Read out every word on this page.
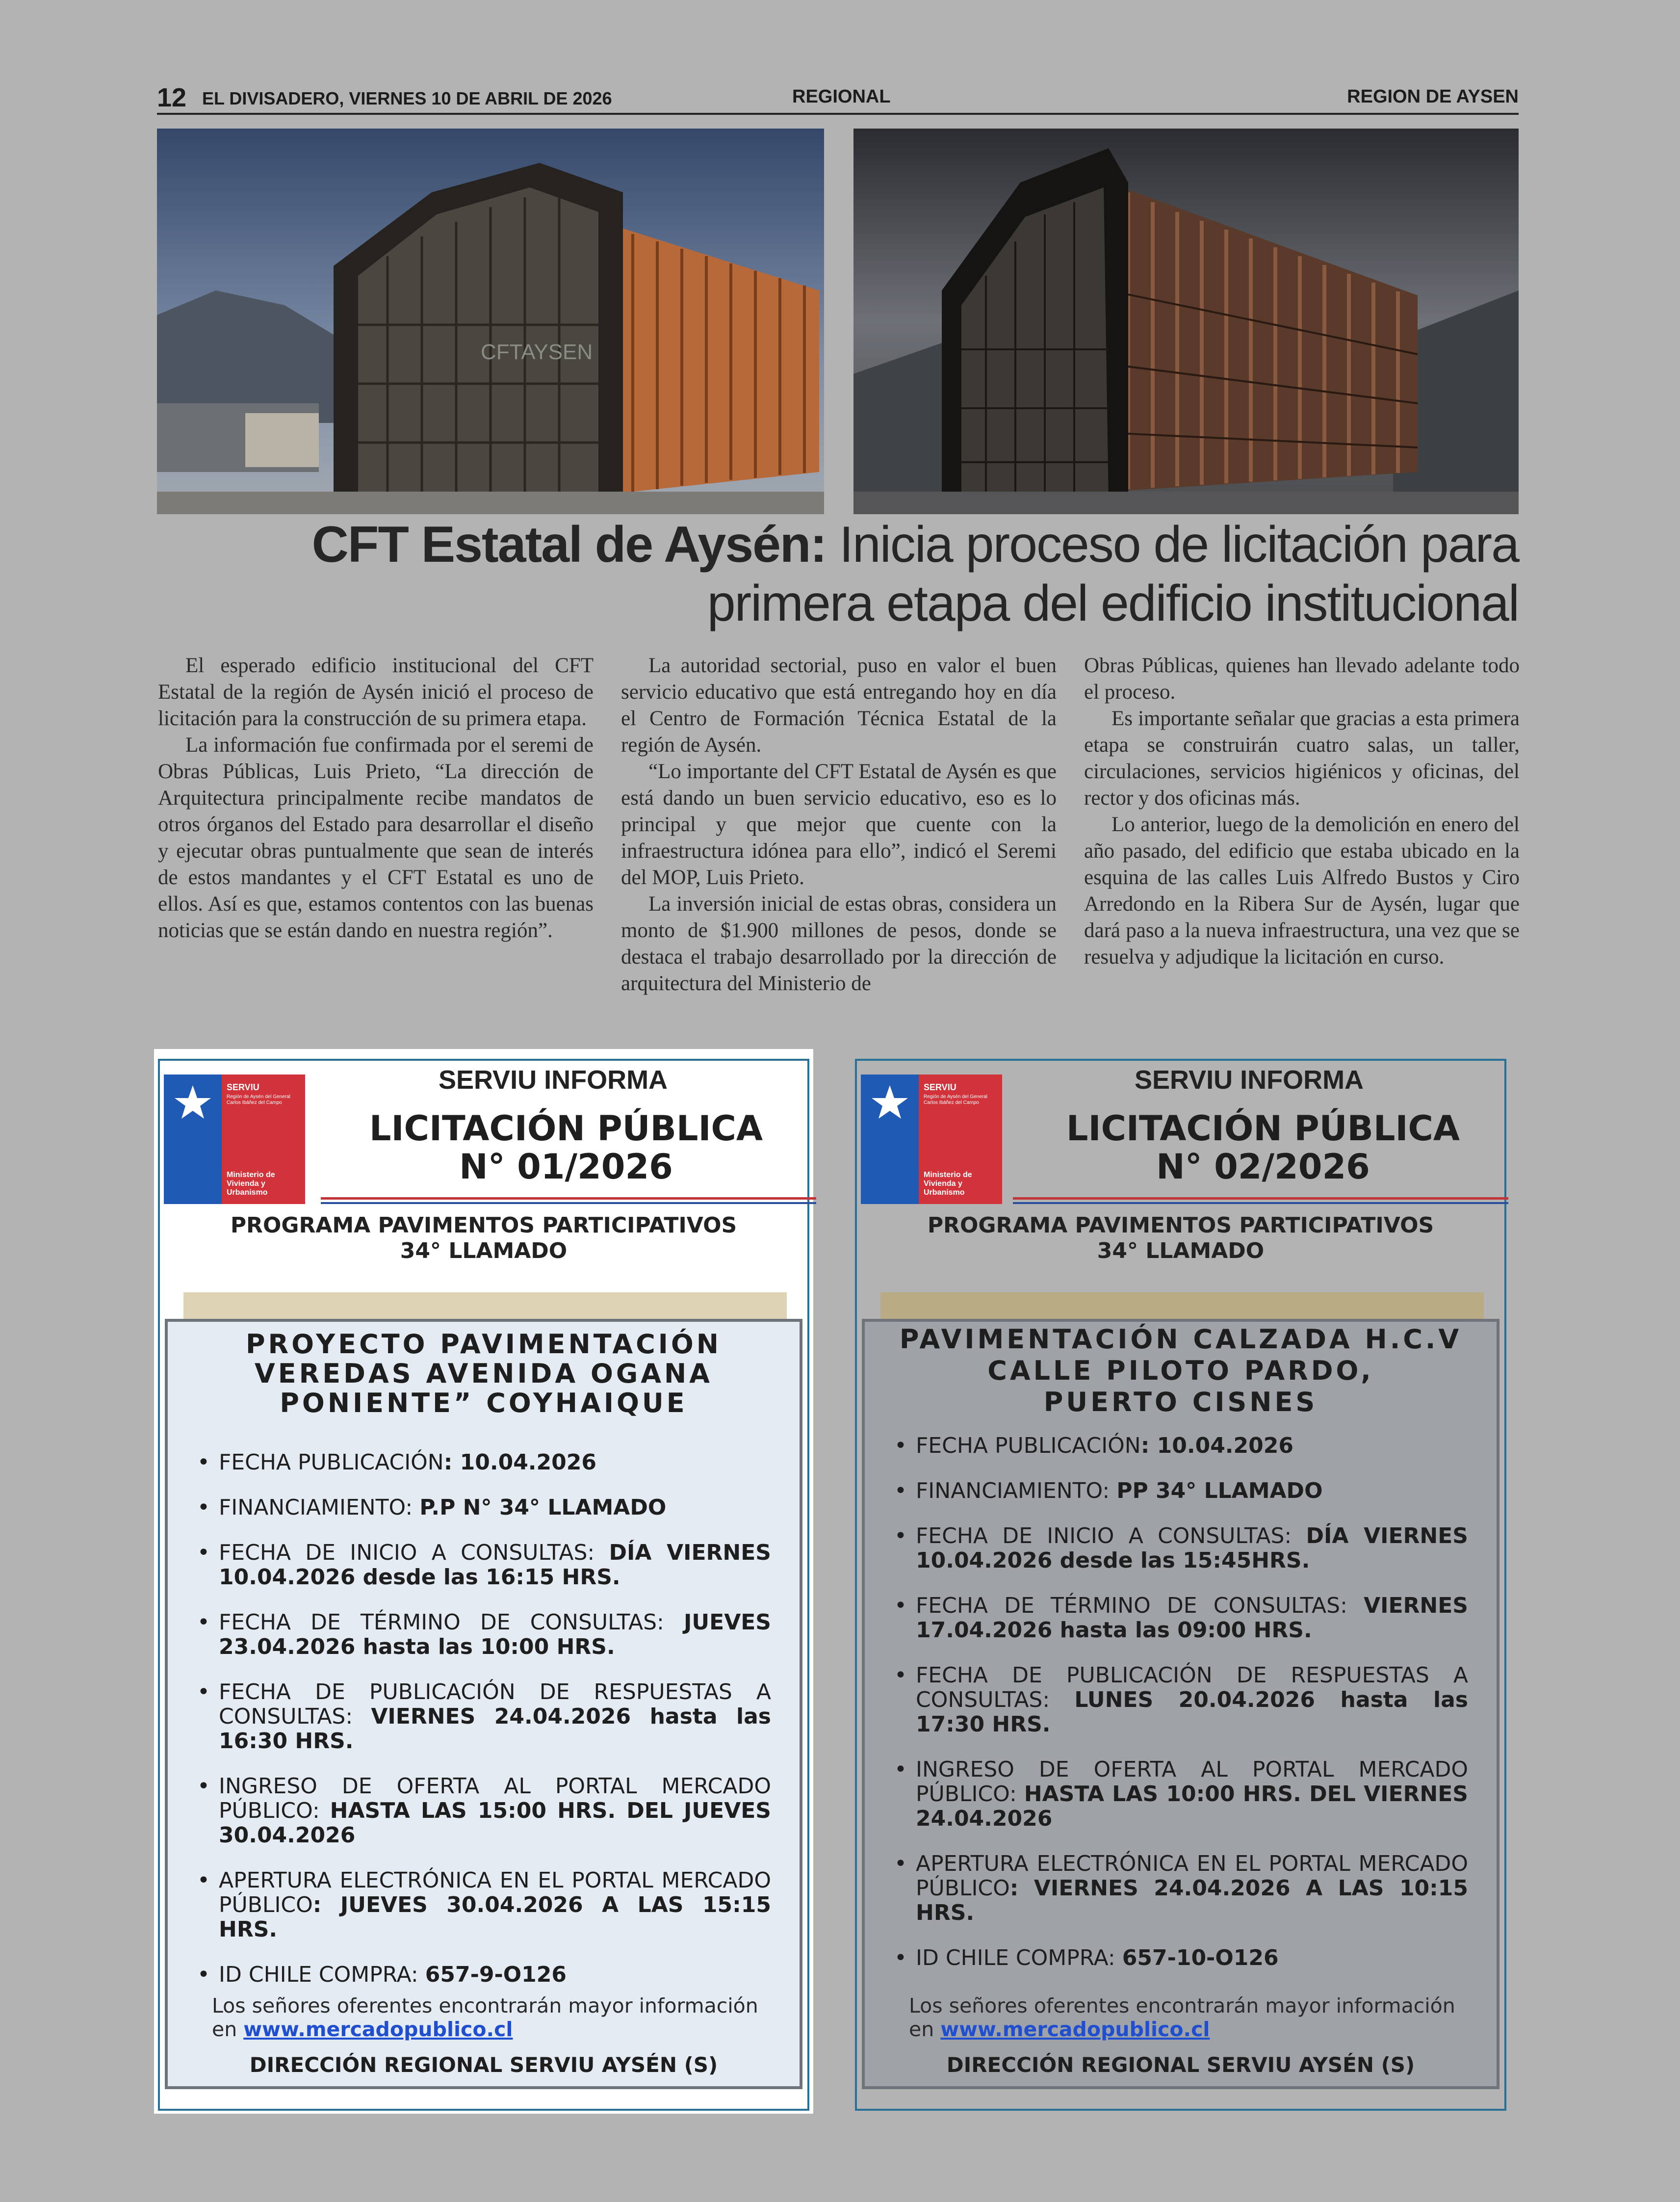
12 EL DIVISADERO, VIERNES 10 DE ABRIL DE 2026	REGIONAL	REGION DE AYSEN
CFTAYSEN
CFT Estatal de Aysén: Inicia proceso de licitación para
primera etapa del edificio institucional

El esperado edificio institucional del CFT Estatal de la región de Aysén inició el proceso de licitación para la construcción de su primera etapa.

La información fue confirmada por el seremi de Obras Públicas, Luis Prieto, “La dirección de Arquitectura principalmente recibe mandatos de otros órganos del Estado para desarrollar el diseño y ejecutar obras puntualmente que sean de interés de estos mandantes y el CFT Estatal es uno de ellos. Así es que, estamos contentos con las buenas noticias que se están dando en nuestra región”.

La autoridad sectorial, puso en valor el buen servicio educativo que está entregando hoy en día el Centro de Formación Técnica Estatal de la región de Aysén.

“Lo importante del CFT Estatal de Aysén es que está dando un buen servicio educativo, eso es lo principal y que mejor que cuente con la infraestructura idónea para ello”, indicó el Seremi del MOP, Luis Prieto.

La inversión inicial de estas obras, considera un monto de $1.900 millones de pesos, donde se destaca el trabajo desarrollado por la dirección de arquitectura del Ministerio de

Obras Públicas, quienes han llevado adelante todo el proceso.

Es importante señalar que gracias a esta primera etapa se construirán cuatro salas, un taller, circulaciones, servicios higiénicos y oficinas, del rector y dos oficinas más.

Lo anterior, luego de la demolición en enero del año pasado, del edificio que estaba ubicado en la esquina de las calles Luis Alfredo Bustos y Ciro Arredondo en la Ribera Sur de Aysén, lugar que dará paso a la nueva infraestructura, una vez que se resuelva y adjudique la licitación en curso.

SERVIU
Región de Aysén del General Carlos Ibáñez del Campo
Ministerio de Vivienda y Urbanismo
SERVIU INFORMA
LICITACIÓN PÚBLICA
N° 01/2026
PROGRAMA PAVIMENTOS PARTICIPATIVOS
34° LLAMADO
PROYECTO PAVIMENTACIÓN
VEREDAS AVENIDA OGANA
PONIENTE” COYHAIQUE
• FECHA PUBLICACIÓN: 10.04.2026
• FINANCIAMIENTO: P.P N° 34° LLAMADO
• FECHA DE INICIO A CONSULTAS: DÍA VIERNES 10.04.2026 desde las 16:15 HRS.
• FECHA DE TÉRMINO DE CONSULTAS: JUEVES 23.04.2026 hasta las 10:00 HRS.
• FECHA DE PUBLICACIÓN DE RESPUESTAS A CONSULTAS: VIERNES 24.04.2026 hasta las 16:30 HRS.
• INGRESO DE OFERTA AL PORTAL MERCADO PÚBLICO: HASTA LAS 15:00 HRS. DEL JUEVES 30.04.2026
• APERTURA ELECTRÓNICA EN EL PORTAL MERCADO PÚBLICO: JUEVES 30.04.2026 A LAS 15:15 HRS.
• ID CHILE COMPRA: 657-9-O126
Los señores oferentes encontrarán mayor información en www.mercadopublico.cl
DIRECCIÓN REGIONAL SERVIU AYSÉN (S)
SERVIU
Región de Aysén del General Carlos Ibáñez del Campo
Ministerio de Vivienda y Urbanismo
SERVIU INFORMA
LICITACIÓN PÚBLICA
N° 02/2026
PROGRAMA PAVIMENTOS PARTICIPATIVOS
34° LLAMADO
PAVIMENTACIÓN CALZADA H.C.V
CALLE PILOTO PARDO,
PUERTO CISNES
• FECHA PUBLICACIÓN: 10.04.2026
• FINANCIAMIENTO: PP 34° LLAMADO
• FECHA DE INICIO A CONSULTAS: DÍA VIERNES 10.04.2026 desde las 15:45HRS.
• FECHA DE TÉRMINO DE CONSULTAS: VIERNES 17.04.2026 hasta las 09:00 HRS.
• FECHA DE PUBLICACIÓN DE RESPUESTAS A CONSULTAS: LUNES 20.04.2026 hasta las 17:30 HRS.
• INGRESO DE OFERTA AL PORTAL MERCADO PÚBLICO: HASTA LAS 10:00 HRS. DEL VIERNES 24.04.2026
• APERTURA ELECTRÓNICA EN EL PORTAL MERCADO PÚBLICO: VIERNES 24.04.2026 A LAS 10:15 HRS.
• ID CHILE COMPRA: 657-10-O126
Los señores oferentes encontrarán mayor información en www.mercadopublico.cl
DIRECCIÓN REGIONAL SERVIU AYSÉN (S)
